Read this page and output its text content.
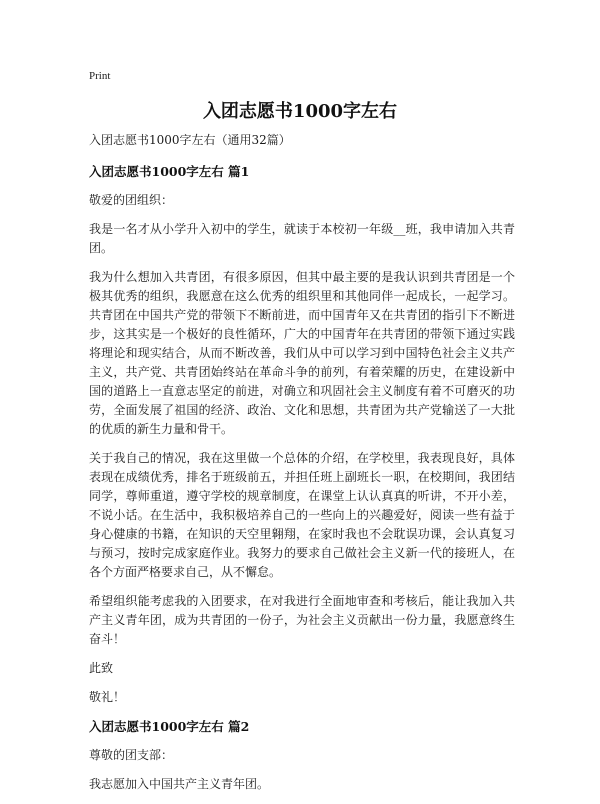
Print
入团志愿书1000字左右

入团志愿书1000字左右（通用32篇）

入团志愿书1000字左右 篇1

敬爱的团组织：

我是一名才从小学升入初中的学生，就读于本校初一年级__班，我申请加入共青团。

我为什么想加入共青团，有很多原因，但其中最主要的是我认识到共青团是一个极其优秀的组织，我愿意在这么优秀的组织里和其他同伴一起成长，一起学习。共青团在中国共产党的带领下不断前进，而中国青年又在共青团的指引下不断进步，这其实是一个极好的良性循环，广大的中国青年在共青团的带领下通过实践将理论和现实结合，从而不断改善，我们从中可以学习到中国特色社会主义共产主义，共产党、共青团始终站在革命斗争的前列，有着荣耀的历史，在建设新中国的道路上一直意志坚定的前进，对确立和巩固社会主义制度有着不可磨灭的功劳，全面发展了祖国的经济、政治、文化和思想，共青团为共产党输送了一大批的优质的新生力量和骨干。

关于我自己的情况，我在这里做一个总体的介绍，在学校里，我表现良好，具体表现在成绩优秀，排名于班级前五，并担任班上副班长一职，在校期间，我团结同学，尊师重道，遵守学校的规章制度，在课堂上认认真真的听讲，不开小差，不说小话。在生活中，我积极培养自己的一些向上的兴趣爱好，阅读一些有益于身心健康的书籍，在知识的天空里翱翔，在家时我也不会耽误功课，会认真复习与预习，按时完成家庭作业。我努力的要求自己做社会主义新一代的接班人，在各个方面严格要求自己，从不懈怠。

希望组织能考虑我的入团要求，在对我进行全面地审查和考核后，能让我加入共产主义青年团，成为共青团的一份子，为社会主义贡献出一份力量，我愿意终生奋斗！

此致

敬礼！

入团志愿书1000字左右 篇2

尊敬的团支部：

我志愿加入中国共产主义青年团。
